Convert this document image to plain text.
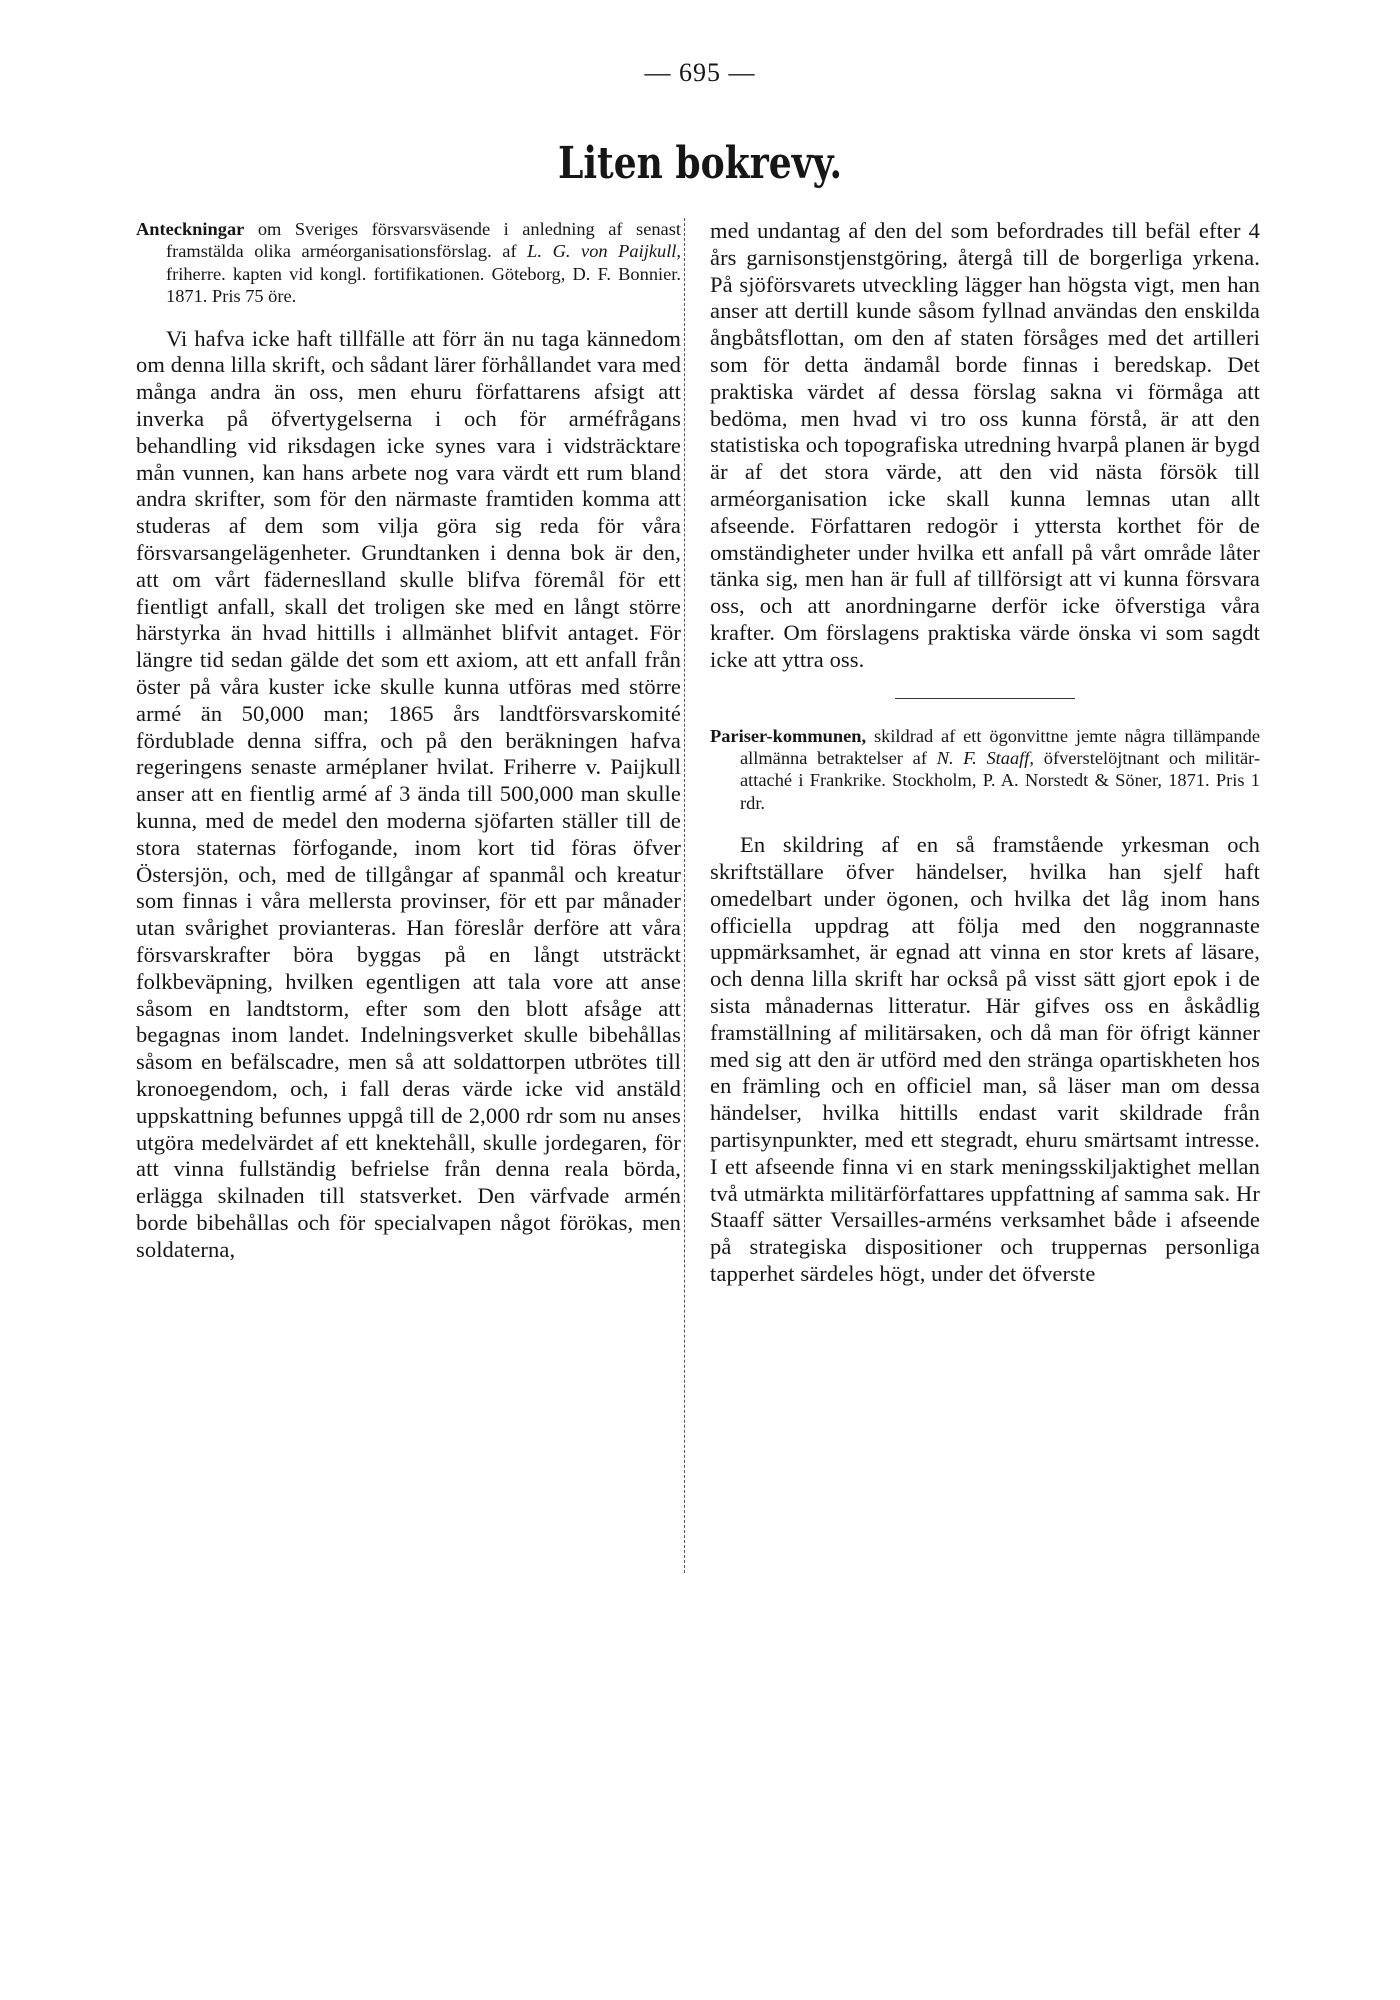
— 695 —
Liten bokrevy.

Anteckningar om Sveriges försvarsväsende i anledning af senast framstälda olika arméorganisationsförslag. af L. G. von Paijkull, friherre. kapten vid kongl. fortifikationen. Göteborg, D. F. Bonnier. 1871. Pris 75 öre.

Vi hafva icke haft tillfälle att förr än nu taga kännedom om denna lilla skrift, och sådant lärer förhållandet vara med många andra än oss, men ehuru författarens afsigt att inverka på öfvertygelserna i och för arméfrågans behandling vid riksdagen icke synes vara i vidsträcktare mån vunnen, kan hans arbete nog vara värdt ett rum bland andra skrifter, som för den närmaste framtiden komma att studeras af dem som vilja göra sig reda för våra försvarsangelägenheter. Grundtanken i denna bok är den, att om vårt fäderneslland skulle blifva föremål för ett fientligt anfall, skall det troligen ske med en långt större härstyrka än hvad hittills i allmänhet blifvit antaget. För längre tid sedan gälde det som ett axiom, att ett anfall från öster på våra kuster icke skulle kunna utföras med större armé än 50,000 man; 1865 års landtförsvarskomité fördublade denna siffra, och på den beräkningen hafva regeringens senaste arméplaner hvilat. Friherre v. Paijkull anser att en fientlig armé af 3 ända till 500,000 man skulle kunna, med de medel den moderna sjöfarten ställer till de stora staternas förfogande, inom kort tid föras öfver Östersjön, och, med de tillgångar af spanmål och kreatur som finnas i våra mellersta provinser, för ett par månader utan svårighet provianteras. Han föreslår derföre att våra försvarskrafter böra byggas på en långt utsträckt folkbeväpning, hvilken egentligen att tala vore att anse såsom en landtstorm, efter som den blott afsåge att begagnas inom landet. Indelningsverket skulle bibehållas såsom en befälscadre, men så att soldattorpen utbrötes till kronoegendom, och, i fall deras värde icke vid anstäld uppskattning befunnes uppgå till de 2,000 rdr som nu anses utgöra medelvärdet af ett knektehåll, skulle jordegaren, för att vinna fullständig befrielse från denna reala börda, erlägga skilnaden till statsverket. Den värfvade armén borde bibehållas och för specialvapen något förökas, men soldaterna,

med undantag af den del som befordrades till befäl efter 4 års garnisonstjenstgöring, återgå till de borgerliga yrkena. På sjöförsvarets utveckling lägger han högsta vigt, men han anser att dertill kunde såsom fyllnad användas den enskilda ångbåtsflottan, om den af staten försåges med det artilleri som för detta ändamål borde finnas i beredskap. Det praktiska värdet af dessa förslag sakna vi förmåga att bedöma, men hvad vi tro oss kunna förstå, är att den statistiska och topografiska utredning hvarpå planen är bygd är af det stora värde, att den vid nästa försök till arméorganisation icke skall kunna lemnas utan allt afseende. Författaren redogör i yttersta korthet för de omständigheter under hvilka ett anfall på vårt område låter tänka sig, men han är full af tillförsigt att vi kunna försvara oss, och att anordningarne derför icke öfverstiga våra krafter. Om förslagens praktiska värde önska vi som sagdt icke att yttra oss.

Pariser-kommunen, skildrad af ett ögonvittne jemte några tillämpande allmänna betraktelser af N. F. Staaff, öfverstelöjtnant och militär-attaché i Frankrike. Stockholm, P. A. Norstedt & Söner, 1871. Pris 1 rdr.

En skildring af en så framstående yrkesman och skriftställare öfver händelser, hvilka han sjelf haft omedelbart under ögonen, och hvilka det låg inom hans officiella uppdrag att följa med den noggrannaste uppmärksamhet, är egnad att vinna en stor krets af läsare, och denna lilla skrift har också på visst sätt gjort epok i de sista månadernas litteratur. Här gifves oss en åskådlig framställning af militärsaken, och då man för öfrigt känner med sig att den är utförd med den stränga opartiskheten hos en främling och en officiel man, så läser man om dessa händelser, hvilka hittills endast varit skildrade från partisynpunkter, med ett stegradt, ehuru smärtsamt intresse. I ett afseende finna vi en stark meningsskiljaktighet mellan två utmärkta militärförfattares uppfattning af samma sak. Hr Staaff sätter Versailles-arméns verksamhet både i afseende på strategiska dispositioner och truppernas personliga tapperhet särdeles högt, under det öfverste
